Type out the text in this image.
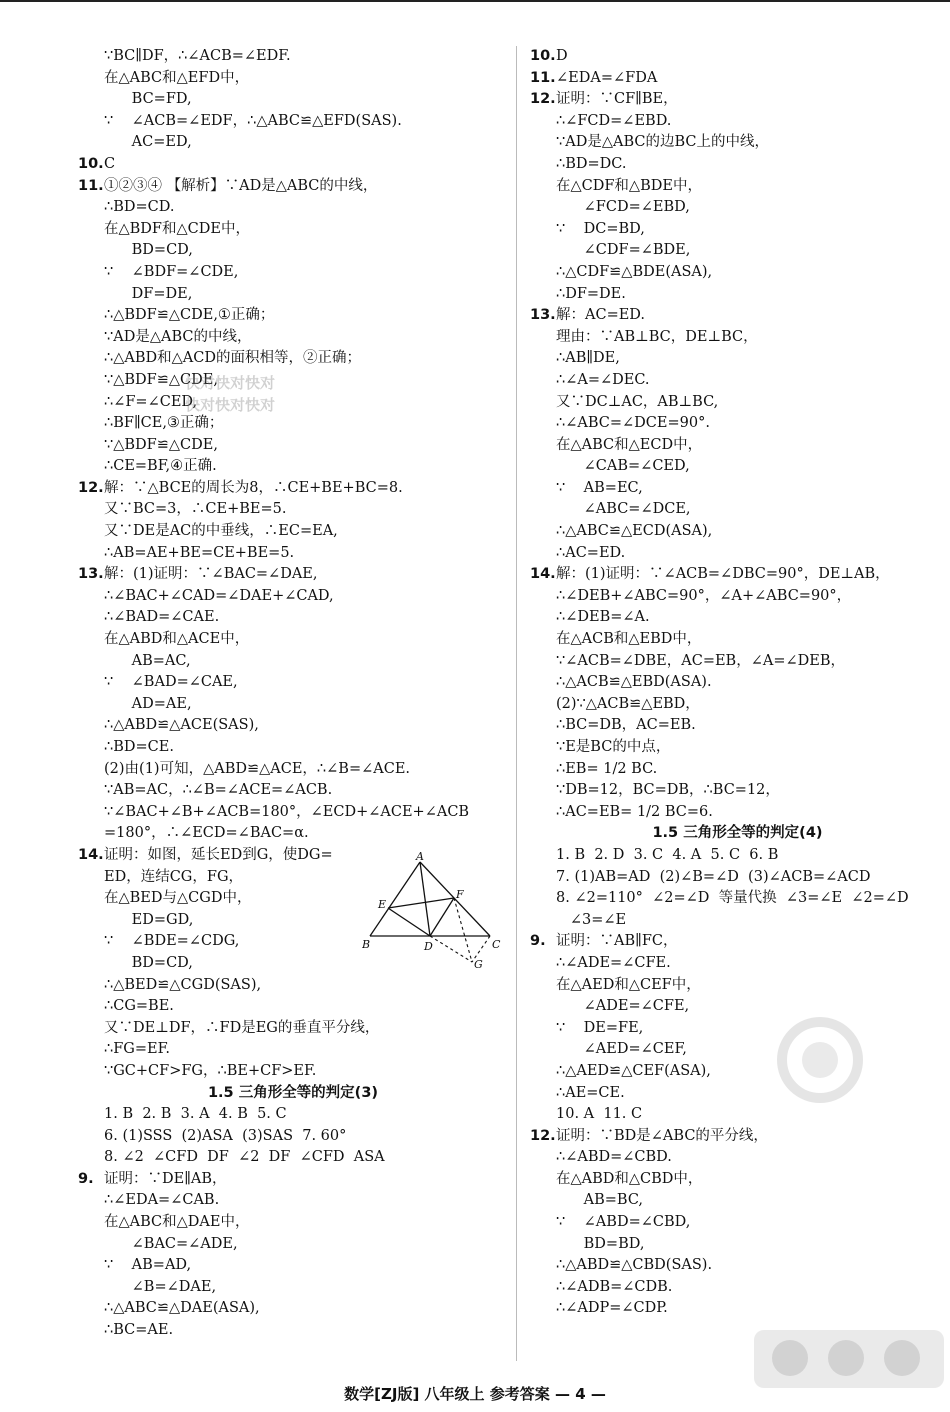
∵BC∥DF，∴∠ACB=∠EDF.
在△ABC和△EFD中，
BC=FD,
∵    ∠ACB=∠EDF，∴△ABC≌△EFD(SAS).
AC=ED,
10.C
11.①②③④ 【解析】∵AD是△ABC的中线，
∴BD=CD.
在△BDF和△CDE中，
BD=CD,
∵    ∠BDF=∠CDE,
DF=DE,
∴△BDF≌△CDE,①正确；
∵AD是△ABC的中线，
∴△ABD和△ACD的面积相等，②正确；
∵△BDF≌△CDE,
∴∠F=∠CED,
∴BF∥CE,③正确；
∵△BDF≌△CDE,
∴CE=BF,④正确.
12.解：∵△BCE的周长为8，∴CE+BE+BC=8.
又∵BC=3，∴CE+BE=5.
又∵DE是AC的中垂线，∴EC=EA,
∴AB=AE+BE=CE+BE=5.
13.解：(1)证明：∵∠BAC=∠DAE,
∴∠BAC+∠CAD=∠DAE+∠CAD,
∴∠BAD=∠CAE.
在△ABD和△ACE中，
AB=AC,
∵    ∠BAD=∠CAE,
AD=AE,
∴△ABD≌△ACE(SAS),
∴BD=CE.
(2)由(1)可知，△ABD≌△ACE，∴∠B=∠ACE.
∵AB=AC，∴∠B=∠ACE=∠ACB.
∵∠BAC+∠B+∠ACB=180°，∠ECD+∠ACE+∠ACB
=180°，∴∠ECD=∠BAC=α.
14.证明：如图，延长ED到G，使DG=
ED，连结CG，FG，
在△BED与△CGD中，
ED=GD,
∵    ∠BDE=∠CDG,
BD=CD,
∴△BED≌△CGD(SAS),
∴CG=BE.
又∵DE⊥DF，∴FD是EG的垂直平分线，
∴FG=EF.
∵GC+CF>FG，∴BE+CF>EF.
1.5 三角形全等的判定(3)
1. B  2. B  3. A  4. B  5. C
6. (1)SSS  (2)ASA  (3)SAS  7. 60°
8. ∠2  ∠CFD  DF  ∠2  DF  ∠CFD  ASA
9. 证明：∵DE∥AB，
∴∠EDA=∠CAB.
在△ABC和△DAE中，
∠BAC=∠ADE,
∵    AB=AD,
∠B=∠DAE,
∴△ABC≌△DAE(ASA),
∴BC=AE.
10.D
11.∠EDA=∠FDA
12.证明：∵CF∥BE，
∴∠FCD=∠EBD.
∵AD是△ABC的边BC上的中线，
∴BD=DC.
在△CDF和△BDE中，
∠FCD=∠EBD,
∵    DC=BD,
∠CDF=∠BDE,
∴△CDF≌△BDE(ASA),
∴DF=DE.
13.解：AC=ED.
理由：∵AB⊥BC，DE⊥BC，
∴AB∥DE,
∴∠A=∠DEC.
又∵DC⊥AC，AB⊥BC,
∴∠ABC=∠DCE=90°.
在△ABC和△ECD中，
∠CAB=∠CED,
∵    AB=EC,
∠ABC=∠DCE,
∴△ABC≌△ECD(ASA),
∴AC=ED.
14.解：(1)证明：∵∠ACB=∠DBC=90°，DE⊥AB，
∴∠DEB+∠ABC=90°，∠A+∠ABC=90°，
∴∠DEB=∠A.
在△ACB和△EBD中，
∵∠ACB=∠DBE，AC=EB，∠A=∠DEB，
∴△ACB≌△EBD(ASA).
(2)∵△ACB≌△EBD，
∴BC=DB，AC=EB.
∵E是BC的中点，
∴EB= 1/2 BC.
∵DB=12，BC=DB，∴BC=12，
∴AC=EB= 1/2 BC=6.
1.5 三角形全等的判定(4)
1. B  2. D  3. C  4. A  5. C  6. B
7. (1)AB=AD  (2)∠B=∠D  (3)∠ACB=∠ACD
8. ∠2=110°  ∠2=∠D  等量代换  ∠3=∠E  ∠2=∠D
∠3=∠E
9. 证明：∵AB∥FC，
∴∠ADE=∠CFE.
在△AED和△CEF中，
∠ADE=∠CFE,
∵    DE=FE,
∠AED=∠CEF,
∴△AED≌△CEF(ASA),
∴AE=CE.
10. A  11. C
12.证明：∵BD是∠ABC的平分线，
∴∠ABD=∠CBD.
在△ABD和△CBD中，
AB=BC,
∵    ∠ABD=∠CBD,
BD=BD,
∴△ABD≌△CBD(SAS).
∴∠ADB=∠CDB.
∴∠ADP=∠CDP.
A
B	C
D
E
F
G
快对快对快对
快对快对快对
数学[ZJ版] 八年级上 参考答案 — 4 —
